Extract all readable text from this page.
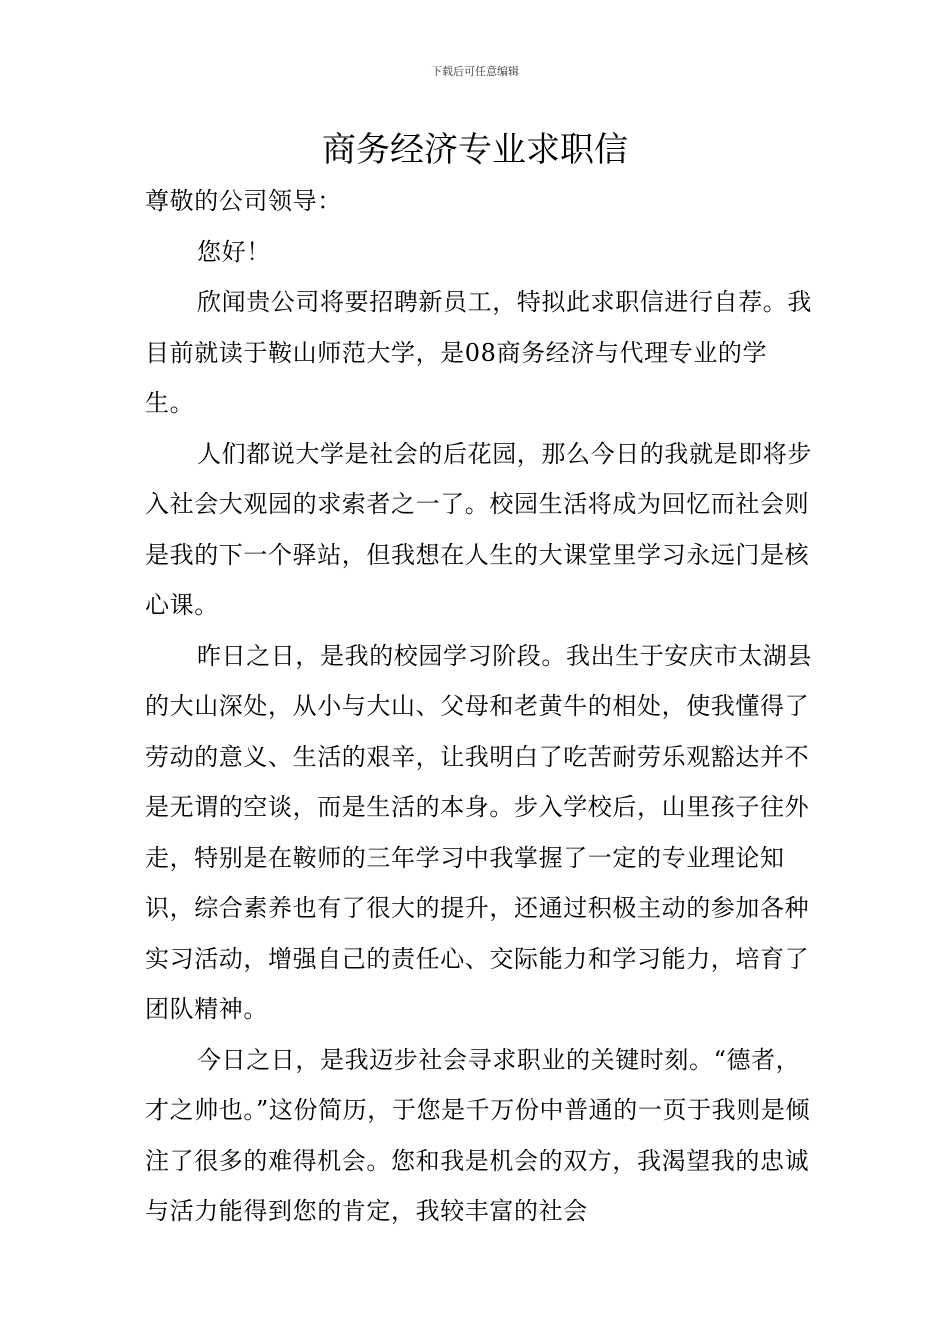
下载后可任意编辑
商务经济专业求职信

尊敬的公司领导：

您好！

欣闻贵公司将要招聘新员工，特拟此求职信进行自荐。我目前就读于鞍山师范大学，是08商务经济与代理专业的学生。

人们都说大学是社会的后花园，那么今日的我就是即将步入社会大观园的求索者之一了。校园生活将成为回忆而社会则是我的下一个驿站，但我想在人生的大课堂里学习永远门是核心课。

昨日之日，是我的校园学习阶段。我出生于安庆市太湖县的大山深处，从小与大山、父母和老黄牛的相处，使我懂得了劳动的意义、生活的艰辛，让我明白了吃苦耐劳乐观豁达并不是无谓的空谈，而是生活的本身。步入学校后，山里孩子往外走，特别是在鞍师的三年学习中我掌握了一定的专业理论知识，综合素养也有了很大的提升，还通过积极主动的参加各种实习活动，增强自己的责任心、交际能力和学习能力，培育了团队精神。

今日之日，是我迈步社会寻求职业的关键时刻。“德者，才之帅也。”这份简历，于您是千万份中普通的一页于我则是倾注了很多的难得机会。您和我是机会的双方，我渴望我的忠诚与活力能得到您的肯定，我较丰富的社会
